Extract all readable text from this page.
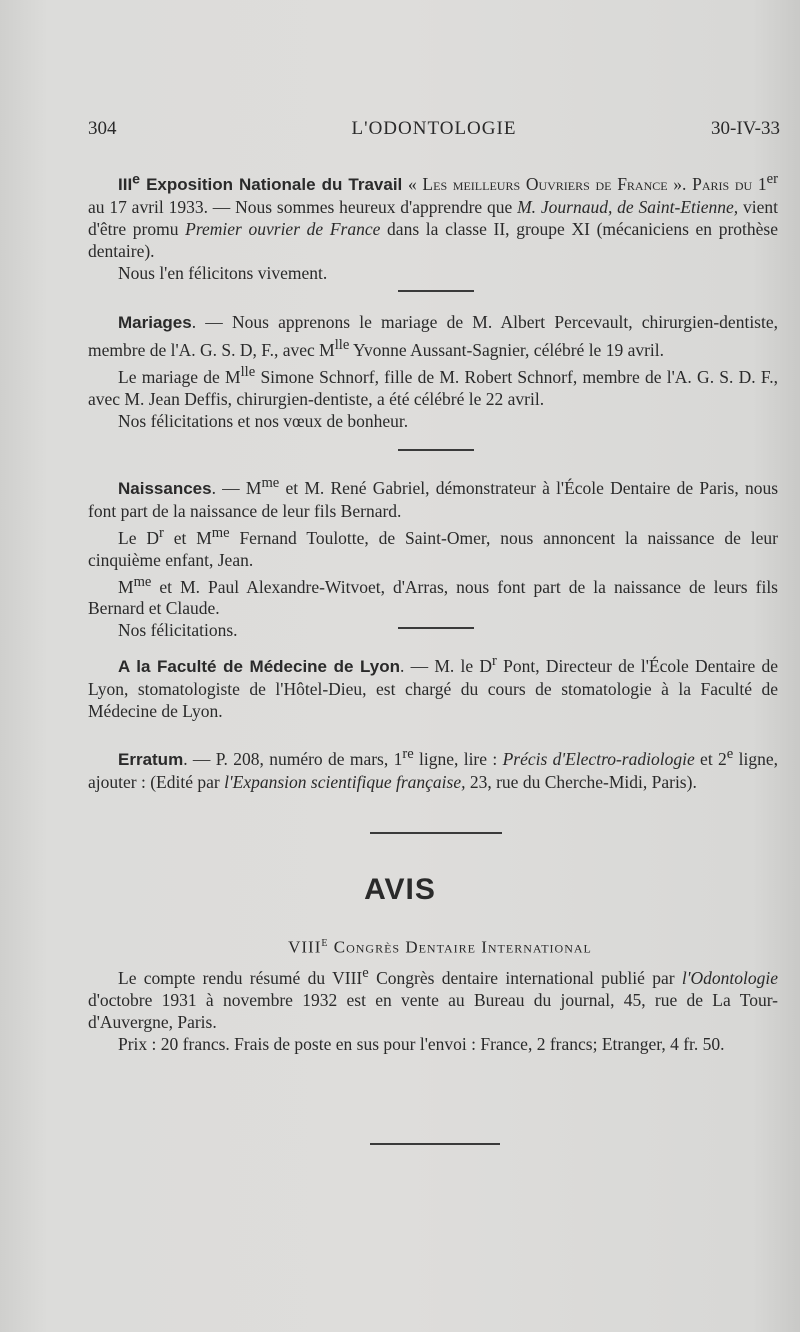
304	L'ODONTOLOGIE	30-IV-33

IIIe Exposition Nationale du Travail « Les meilleurs Ouvriers de France ». Paris du 1er au 17 avril 1933. — Nous sommes heureux d'apprendre que M. Journaud, de Saint-Etienne, vient d'être promu Premier ouvrier de France dans la classe II, groupe XI (mécaniciens en prothèse dentaire).

Nous l'en félicitons vivement.

Mariages. — Nous apprenons le mariage de M. Albert Percevault, chirurgien-dentiste, membre de l'A. G. S. D, F., avec $M^{lle}$ Yvonne Aussant-Sagnier, célébré le 19 avril.

Le mariage de $M^{lle}$ Simone Schnorf, fille de M. Robert Schnorf, membre de l'A. G. S. D. F., avec M. Jean Deffis, chirurgien-dentiste, a été célébré le 22 avril.

Nos félicitations et nos vœux de bonheur.

Naissances. — $M^{me}$ et M. René Gabriel, démonstrateur à l'École Dentaire de Paris, nous font part de la naissance de leur fils Bernard.

Le $D^r$ et $M^{me}$ Fernand Toulotte, de Saint-Omer, nous annoncent la naissance de leur cinquième enfant, Jean.

$M^{me}$ et M. Paul Alexandre-Witvoet, d'Arras, nous font part de la naissance de leurs fils Bernard et Claude.

Nos félicitations.

A la Faculté de Médecine de Lyon. — M. le $D^r$ Pont, Directeur de l'École Dentaire de Lyon, stomatologiste de l'Hôtel-Dieu, est chargé du cours de stomatologie à la Faculté de Médecine de Lyon.

Erratum. — P. 208, numéro de mars, 1re ligne, lire : Précis d'Electro-radiologie et 2e ligne, ajouter : (Edité par l'Expansion scientifique française, 23, rue du Cherche-Midi, Paris).

AVIS
VIIIe Congrès Dentaire International

Le compte rendu résumé du VIIIe Congrès dentaire international publié par l'Odontologie d'octobre 1931 à novembre 1932 est en vente au Bureau du journal, 45, rue de La Tour-d'Auvergne, Paris.

Prix : 20 francs. Frais de poste en sus pour l'envoi : France, 2 francs; Etranger, 4 fr. 50.
